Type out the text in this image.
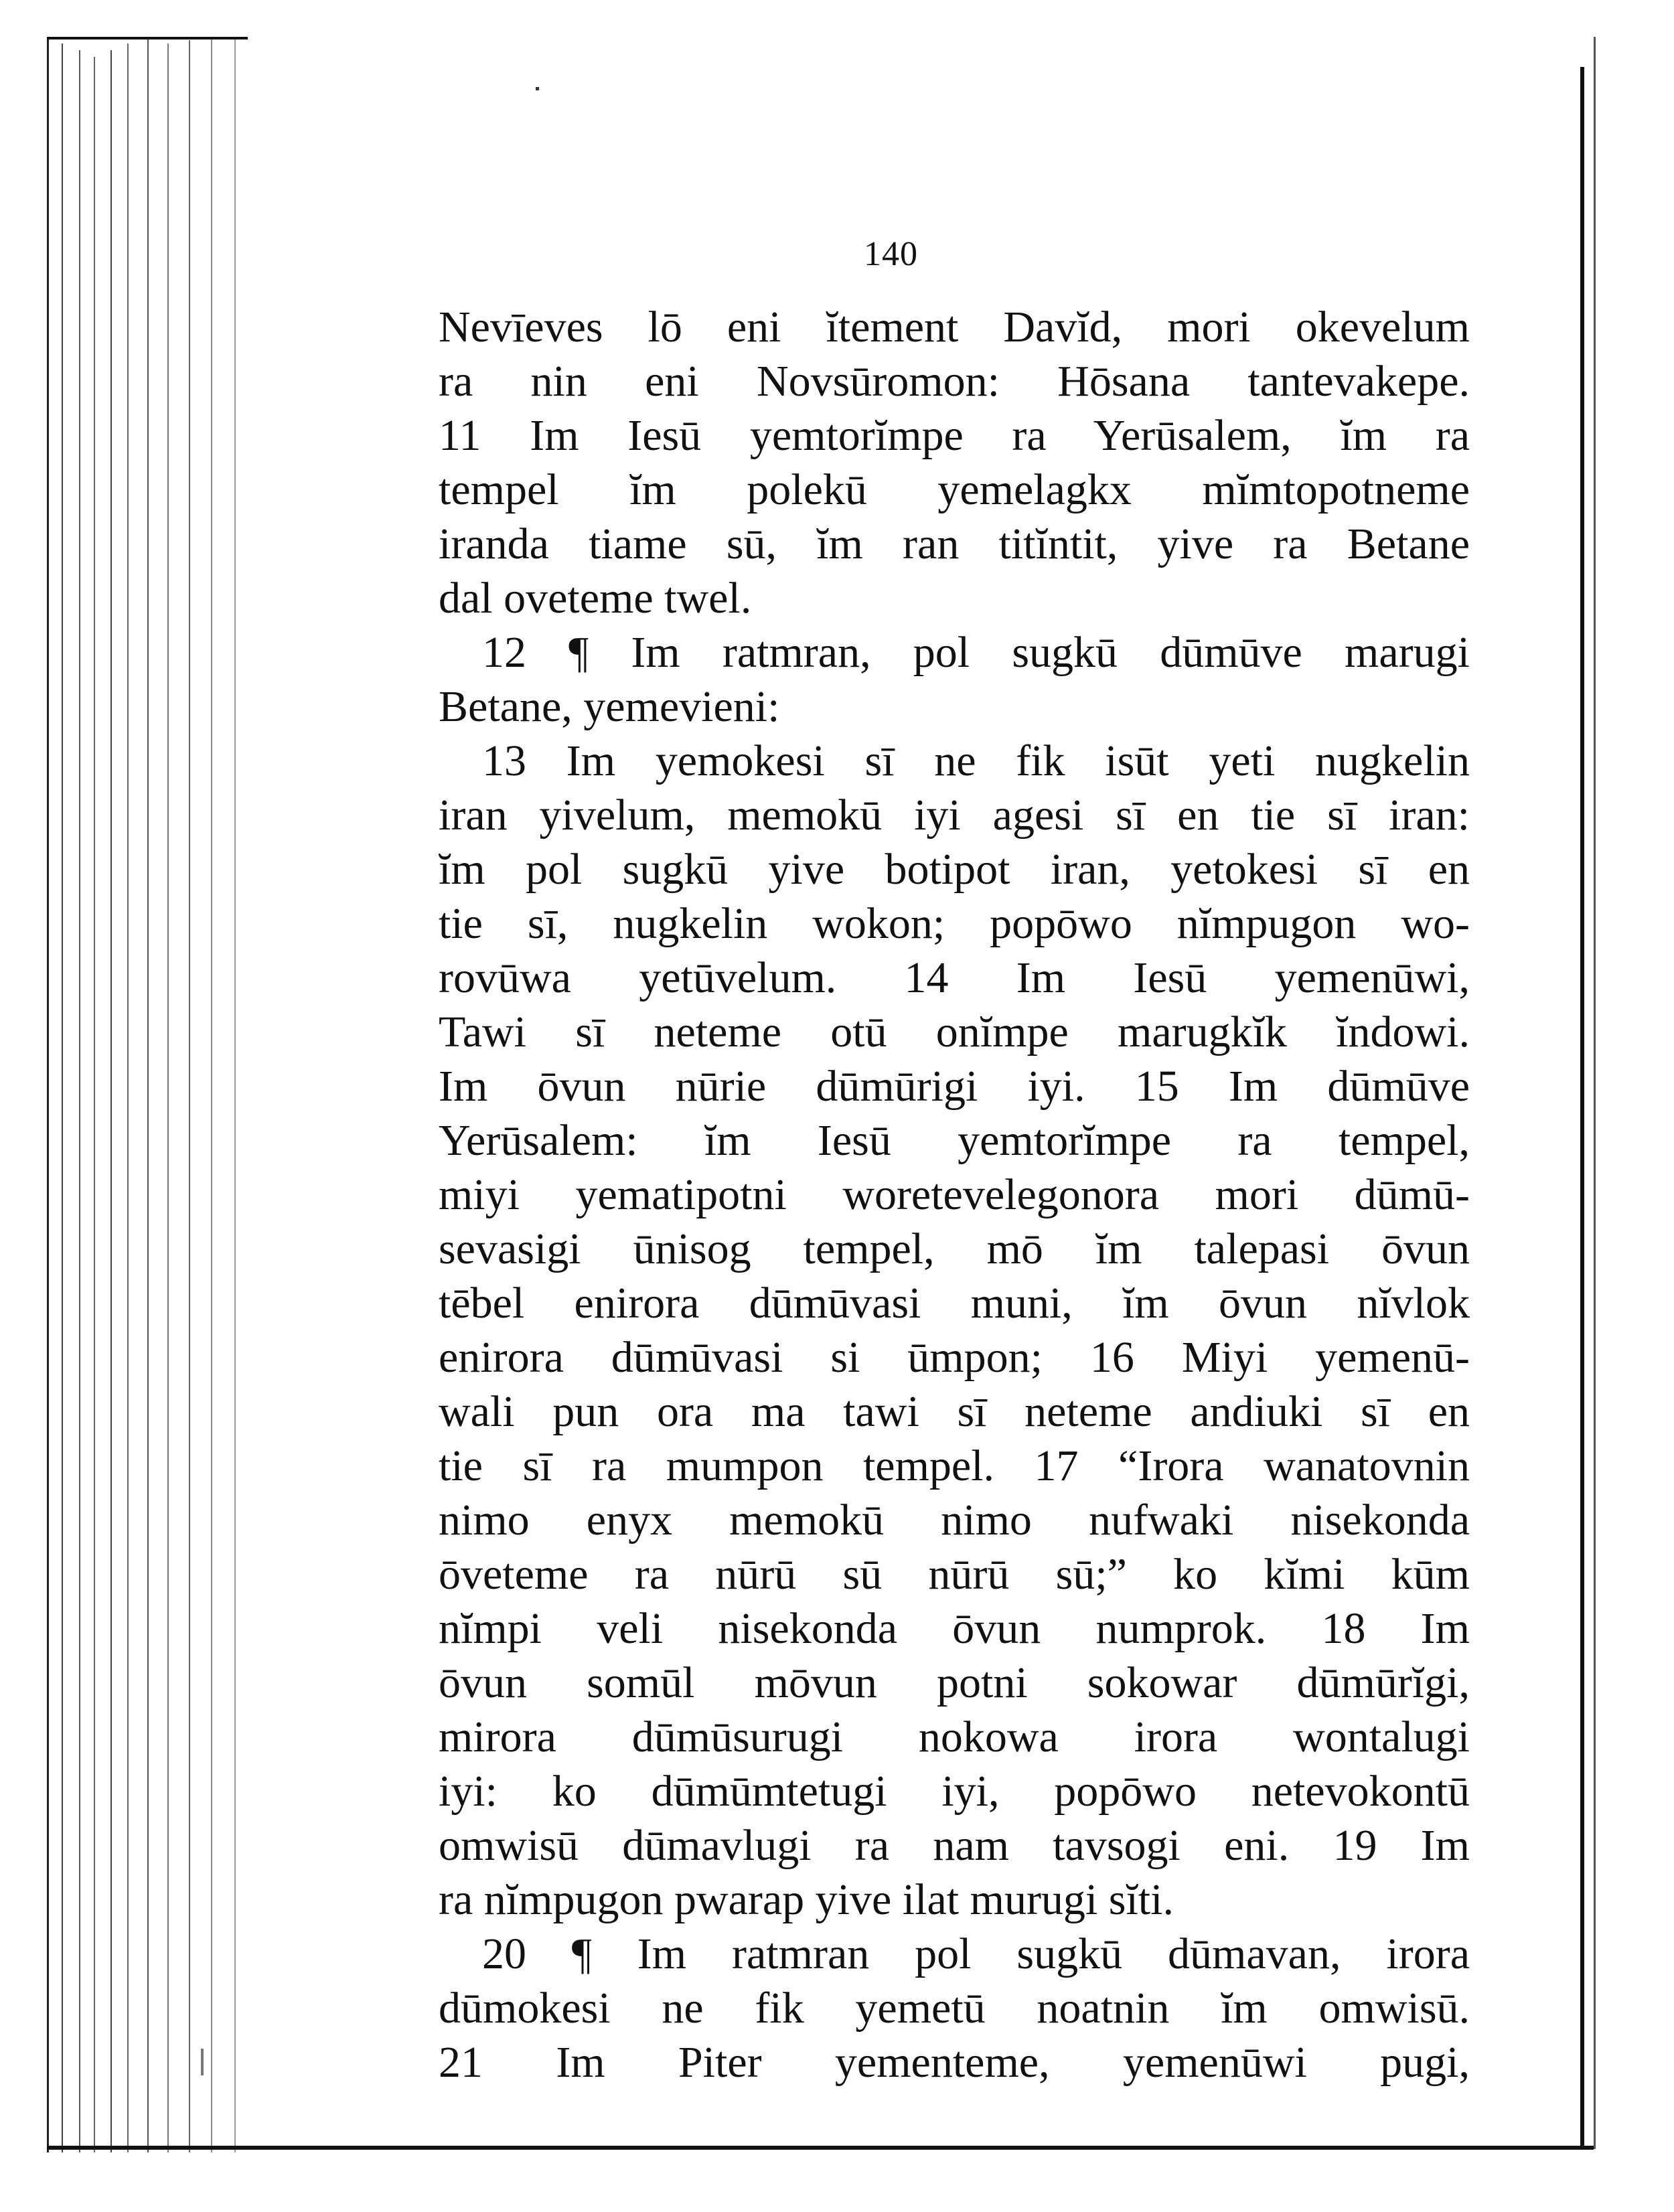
140
Nevīeves lō eni ĭtement Davĭd, mori okevelum
ra nin eni Novsūromon: Hōsana tantevakepe.
11 Im Iesū yemtorĭmpe ra Yerūsalem, ĭm ra
tempel ĭm polekū yemelagkx mĭmtopotneme
iranda tiame sū, ĭm ran titĭntit, yive ra Betane
dal oveteme twel.
12 ¶ Im ratmran, pol sugkū dūmūve marugi
Betane, yemevieni:
13 Im yemokesi sī ne fik isūt yeti nugkelin
iran yivelum, memokū iyi agesi sī en tie sī iran:
ĭm pol sugkū yive botipot iran, yetokesi sī en
tie sī, nugkelin wokon; popōwo nĭmpugon wo-
rovūwa yetūvelum. 14 Im Iesū yemenūwi,
Tawi sī neteme otū onĭmpe marugkĭk ĭndowi.
Im ōvun nūrie dūmūrigi iyi. 15 Im dūmūve
Yerūsalem: ĭm Iesū yemtorĭmpe ra tempel,
miyi yematipotni woretevelegonora mori dūmū-
sevasigi ūnisog tempel, mō ĭm talepasi ōvun
tēbel enirora dūmūvasi muni, ĭm ōvun nĭvlok
enirora dūmūvasi si ūmpon; 16 Miyi yemenū-
wali pun ora ma tawi sī neteme andiuki sī en
tie sī ra mumpon tempel. 17 “Irora wanatovnin
nimo enyx memokū nimo nufwaki nisekonda
ōveteme ra nūrū sū nūrū sū;” ko kĭmi kūm
nĭmpi veli nisekonda ōvun numprok. 18 Im
ōvun somūl mōvun potni sokowar dūmūrĭgi,
mirora dūmūsurugi nokowa irora wontalugi
iyi: ko dūmūmtetugi iyi, popōwo netevokontū
omwisū dūmavlugi ra nam tavsogi eni. 19 Im
ra nĭmpugon pwarap yive ilat murugi sĭti.
20 ¶ Im ratmran pol sugkū dūmavan, irora
dūmokesi ne fik yemetū noatnin ĭm omwisū.
21 Im Piter yementeme, yemenūwi pugi,
